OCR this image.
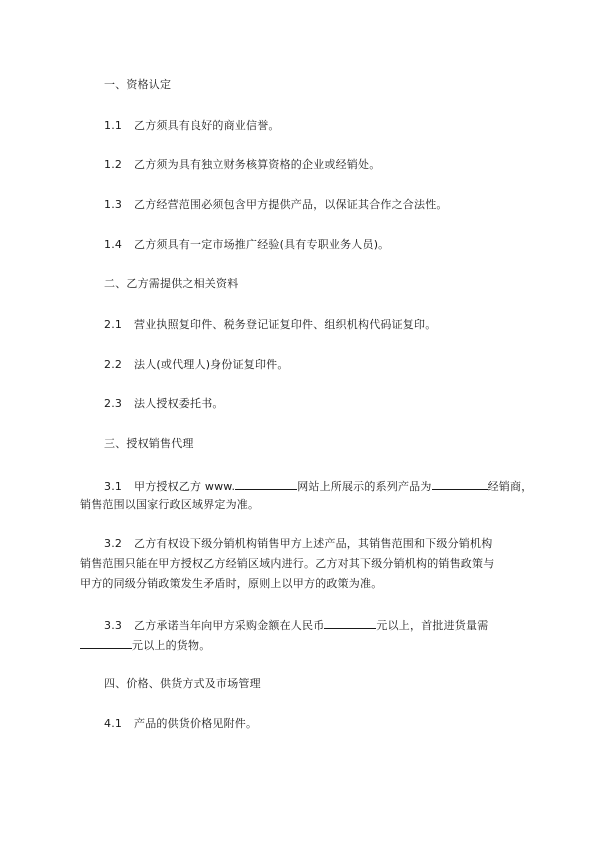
一、资格认定
1.1 乙方须具有良好的商业信誉。
1.2 乙方须为具有独立财务核算资格的企业或经销处。
1.3 乙方经营范围必须包含甲方提供产品，以保证其合作之合法性。
1.4 乙方须具有一定市场推广经验(具有专职业务人员)。
二、乙方需提供之相关资料
2.1 营业执照复印件、税务登记证复印件、组织机构代码证复印。
2.2 法人(或代理人)身份证复印件。
2.3 法人授权委托书。
三、授权销售代理
3.1 甲方授权乙方 www.	网站上所展示的系列产品为	经销商，
销售范围以国家行政区域界定为准。
3.2 乙方有权设下级分销机构销售甲方上述产品，其销售范围和下级分销机构
销售范围只能在甲方授权乙方经销区域内进行。乙方对其下级分销机构的销售政策与
甲方的同级分销政策发生矛盾时，原则上以甲方的政策为准。
3.3 乙方承诺当年向甲方采购金额在人民币	元以上，首批进货量需
元以上的货物。
四、价格、供货方式及市场管理
4.1 产品的供货价格见附件。
